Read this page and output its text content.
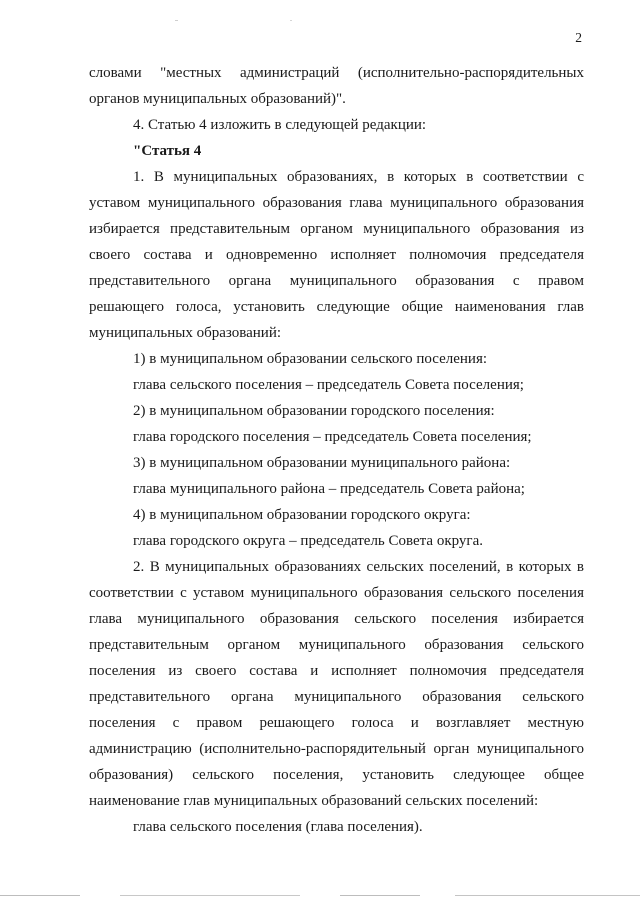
2
словами "местных администраций (исполнительно-распорядительных
органов муниципальных образований)".
4. Статью 4 изложить в следующей редакции:
"Статья 4
1. В муниципальных образованиях, в которых в соответствии с
уставом муниципального образования глава муниципального образования
избирается представительным органом муниципального образования из
своего состава и одновременно исполняет полномочия председателя
представительного органа муниципального образования с правом
решающего голоса, установить следующие общие наименования глав
муниципальных образований:
1) в муниципальном образовании сельского поселения:
глава сельского поселения – председатель Совета поселения;
2) в муниципальном образовании городского поселения:
глава городского поселения – председатель Совета поселения;
3) в муниципальном образовании муниципального района:
глава муниципального района – председатель Совета района;
4) в муниципальном образовании городского округа:
глава городского округа – председатель Совета округа.
2. В муниципальных образованиях сельских поселений, в которых в
соответствии с уставом муниципального образования сельского поселения
глава муниципального образования сельского поселения избирается
представительным органом муниципального образования сельского
поселения из своего состава и исполняет полномочия председателя
представительного органа муниципального образования сельского
поселения с правом решающего голоса и возглавляет местную
администрацию (исполнительно-распорядительный орган муниципального
образования) сельского поселения, установить следующее общее
наименование глав муниципальных образований сельских поселений:
глава сельского поселения (глава поселения).
